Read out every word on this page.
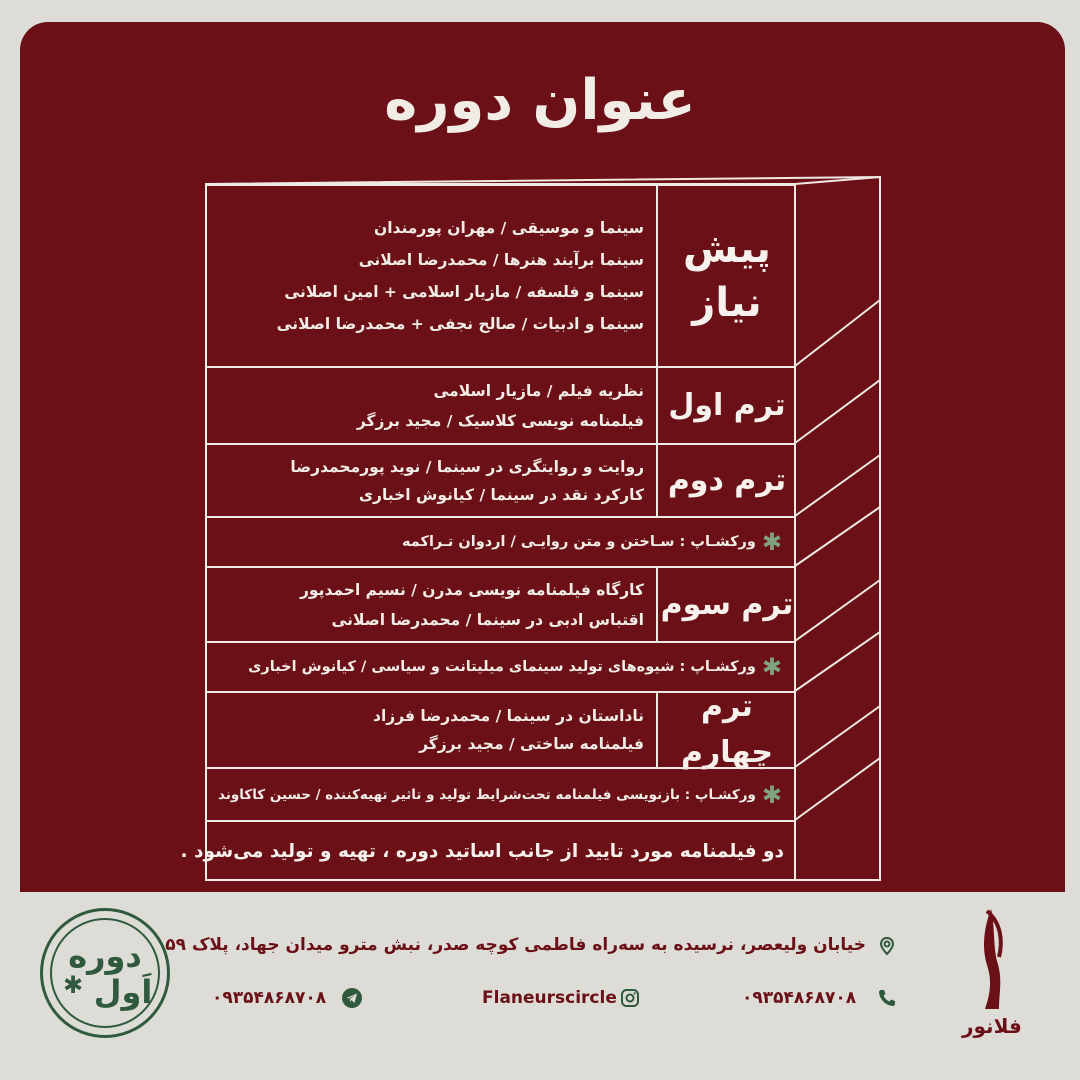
عنوان دوره
پیش نیاز
سینما و موسیقی / مهران پورمندان
سینما برآیند هنرها / محمدرضا اصلانی
سینما و فلسفه / مازیار اسلامی + امین اصلانی
سینما و ادبیات / صالح نجفی + محمدرضا اصلانی
ترم اول
نظریه فیلم / مازیار اسلامی
فیلمنامه نویسی کلاسیک / مجید برزگر
ترم دوم
روایت و روایتگری در سینما / نوید پورمحمدرضا
کارکرد نقد در سینما / کیانوش اخباری
✱
ورکشـاپ : سـاختن و متن روایـی / اردوان تـراکمه
ترم سوم
کارگاه فیلمنامه نویسی مدرن / نسیم احمدپور
اقتباس ادبی در سینما / محمدرضا اصلانی
✱
ورکشـاپ : شیوه‌های تولید سینمای میلیتانت و سیاسی / کیانوش اخباری
ترم چهارم
نا‌داستان در سینما / محمدرضا فرزاد
فیلمنامه ساختی / مجید برزگر
✱
ورکشـاپ : بازنویسی فیلمنامه تحت‌شرایط تولید و تاثیر تهیه‌کننده / حسین کاکاوند
دو فیلمنامه مورد تایید از جانب اساتید دوره ، تهیه و تولید می‌شود .
دوره
✱ اَول
خیابان ولیعصر، نرسیده به سه‌راه فاطمی کوچه صدر، نبش مترو میدان جهاد، پلاک ۵۹
۰۹۳۵۴۸۶۸۷۰۸	Flaneurscircle	۰۹۳۵۴۸۶۸۷۰۸
فلانور
